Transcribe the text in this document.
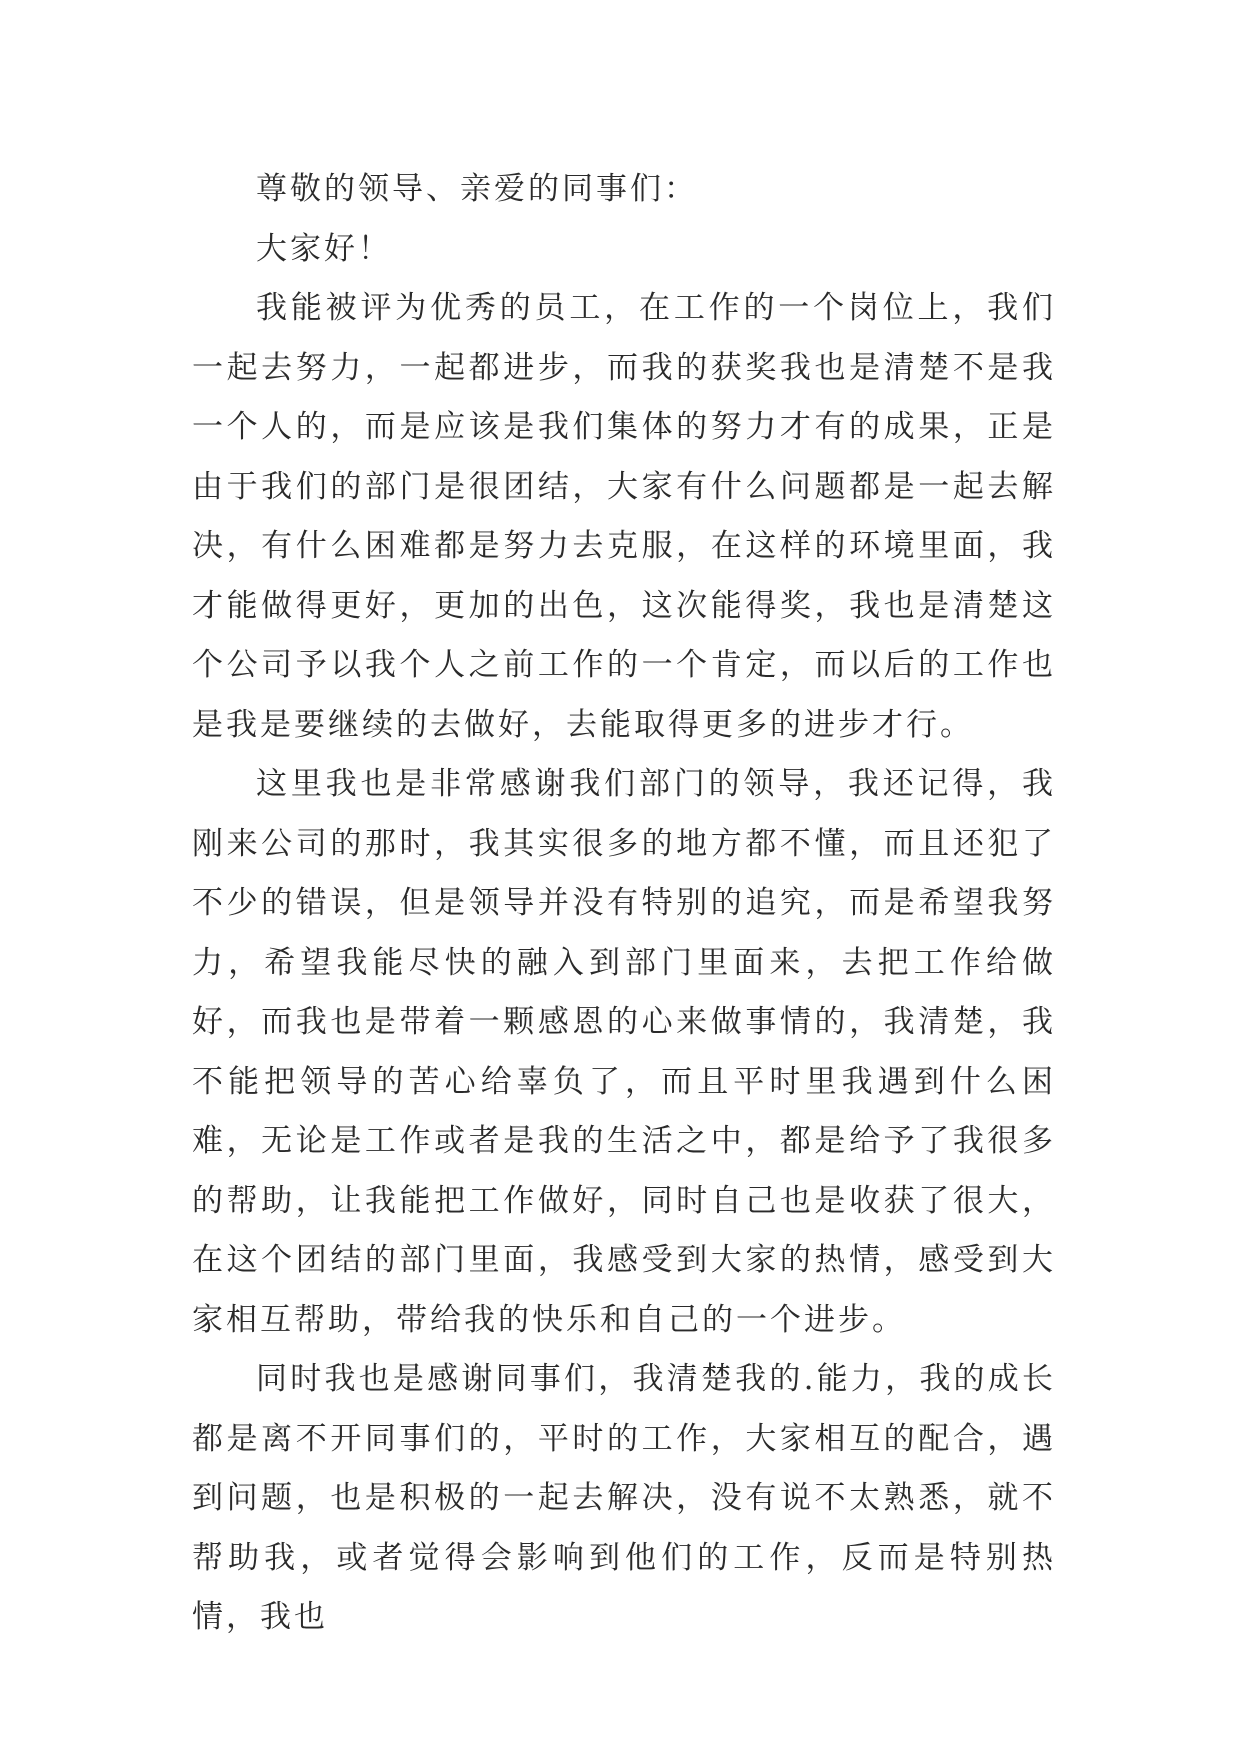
尊敬的领导、亲爱的同事们：

大家好！

我能被评为优秀的员工，在工作的一个岗位上，我们一起去努力，一起都进步，而我的获奖我也是清楚不是我一个人的，而是应该是我们集体的努力才有的成果，正是由于我们的部门是很团结，大家有什么问题都是一起去解决，有什么困难都是努力去克服，在这样的环境里面，我才能做得更好，更加的出色，这次能得奖，我也是清楚这个公司予以我个人之前工作的一个肯定，而以后的工作也是我是要继续的去做好，去能取得更多的进步才行。

这里我也是非常感谢我们部门的领导，我还记得，我刚来公司的那时，我其实很多的地方都不懂，而且还犯了不少的错误，但是领导并没有特别的追究，而是希望我努力，希望我能尽快的融入到部门里面来，去把工作给做好，而我也是带着一颗感恩的心来做事情的，我清楚，我不能把领导的苦心给辜负了，而且平时里我遇到什么困难，无论是工作或者是我的生活之中，都是给予了我很多的帮助，让我能把工作做好，同时自己也是收获了很大，在这个团结的部门里面，我感受到大家的热情，感受到大家相互帮助，带给我的快乐和自己的一个进步。

同时我也是感谢同事们，我清楚我的.能力，我的成长都是离不开同事们的，平时的工作，大家相互的配合，遇到问题，也是积极的一起去解决，没有说不太熟悉，就不帮助我，或者觉得会影响到他们的工作，反而是特别热情，我也
